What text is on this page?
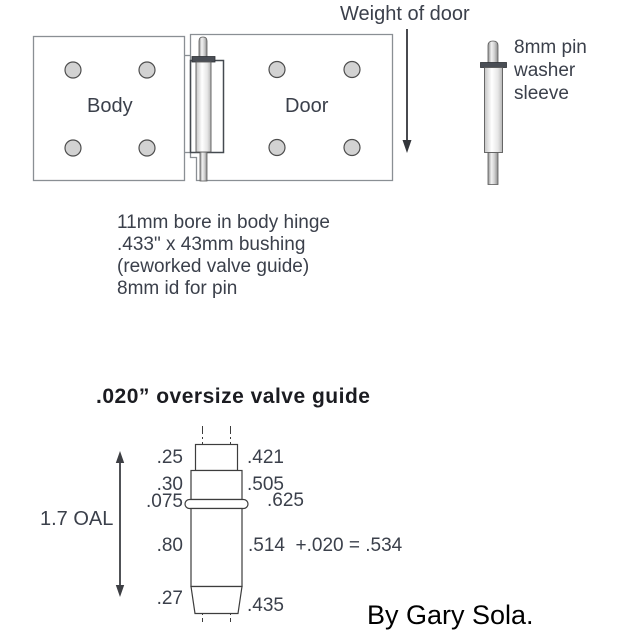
Weight of door
Body	Door
8mm pin
washer
sleeve
11mm bore in body hinge
.433" x 43mm bushing
(reworked valve guide)
8mm id for pin
.020” oversize valve guide
1.7 OAL
.25
.30
.075
.80
.27
.421
.505
.625
.514  +.020 = .534
.435	By Gary Sola.
